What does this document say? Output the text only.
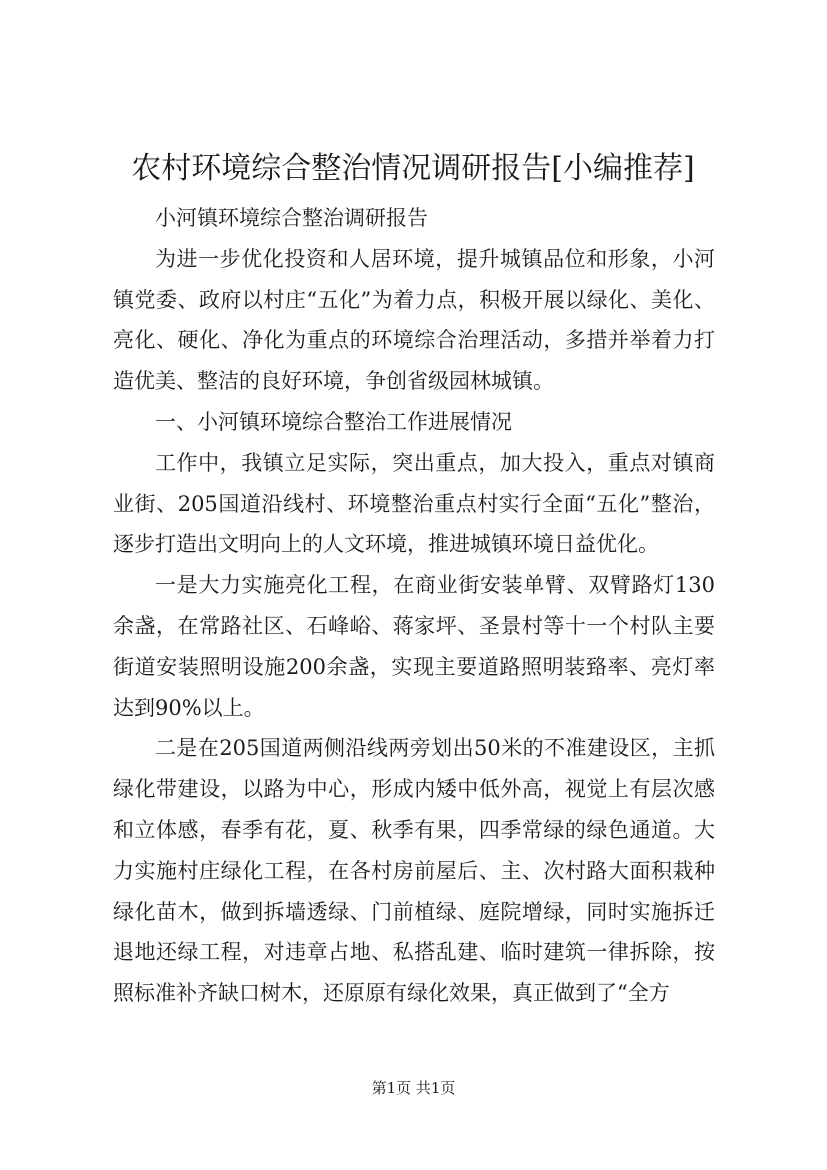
农村环境综合整治情况调研报告[小编推荐]

小河镇环境综合整治调研报告

为进一步优化投资和人居环境，提升城镇品位和形象，小河镇党委、政府以村庄“五化”为着力点，积极开展以绿化、美化、亮化、硬化、净化为重点的环境综合治理活动，多措并举着力打造优美、整洁的良好环境，争创省级园林城镇。

一、小河镇环境综合整治工作进展情况

工作中，我镇立足实际，突出重点，加大投入，重点对镇商业街、205国道沿线村、环境整治重点村实行全面“五化”整治，逐步打造出文明向上的人文环境，推进城镇环境日益优化。

一是大力实施亮化工程，在商业街安装单臂、双臂路灯130余盏，在常路社区、石峰峪、蒋家坪、圣景村等十一个村队主要街道安装照明设施200余盏，实现主要道路照明装臵率、亮灯率达到90%以上。

二是在205国道两侧沿线两旁划出50米的不准建设区，主抓绿化带建设，以路为中心，形成内矮中低外高，视觉上有层次感和立体感，春季有花，夏、秋季有果，四季常绿的绿色通道。大力实施村庄绿化工程，在各村房前屋后、主、次村路大面积栽种绿化苗木，做到拆墙透绿、门前植绿、庭院增绿，同时实施拆迁退地还绿工程，对违章占地、私搭乱建、临时建筑一律拆除，按照标准补齐缺口树木，还原原有绿化效果，真正做到了“全方

第1页 共1页
